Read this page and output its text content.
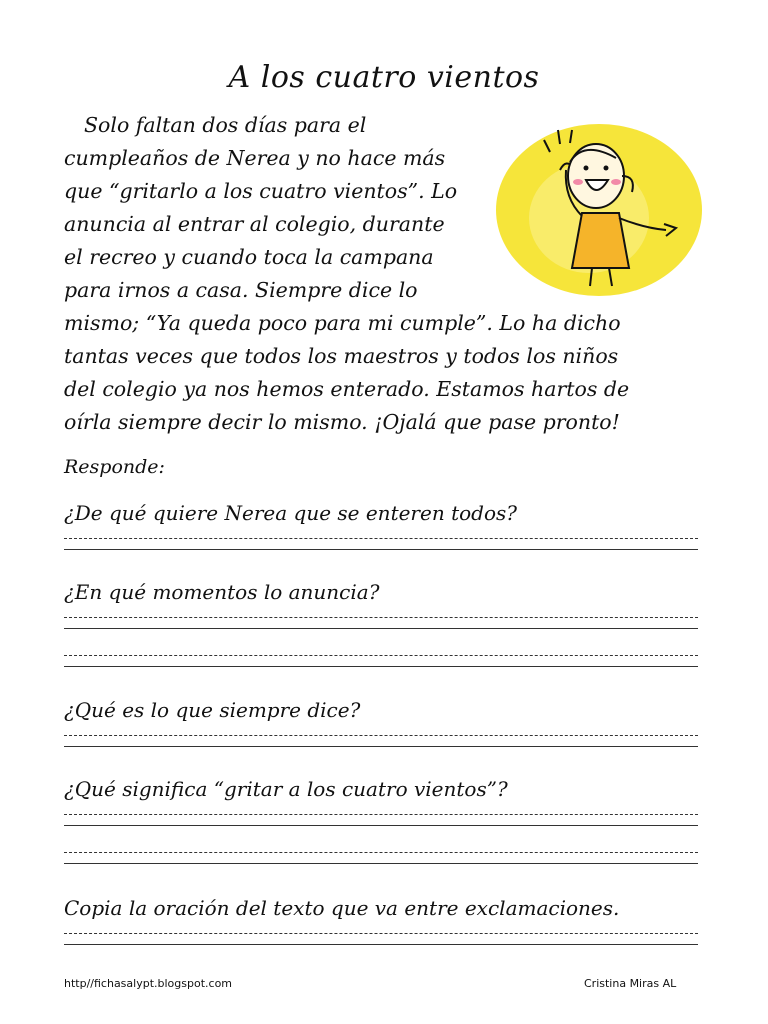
A los cuatro vientos
Solo faltan dos días para el
cumpleaños de Nerea y no hace más
que “gritarlo a los cuatro vientos”. Lo
anuncia al entrar al colegio, durante
el recreo y cuando toca la campana
para irnos a casa. Siempre dice lo
mismo; “Ya queda poco para mi cumple”. Lo ha dicho
tantas veces que todos los maestros y todos los niños
del colegio ya nos hemos enterado. Estamos hartos de
oírla siempre decir lo mismo. ¡Ojalá que pase pronto!
Responde:
¿De qué quiere Nerea que se enteren todos?
¿En qué momentos lo anuncia?
¿Qué es lo que siempre dice?
¿Qué significa “gritar a los cuatro vientos”?
Copia la oración del texto que va entre exclamaciones.
http//fichasalypt.blogspot.com	Cristina Miras AL
